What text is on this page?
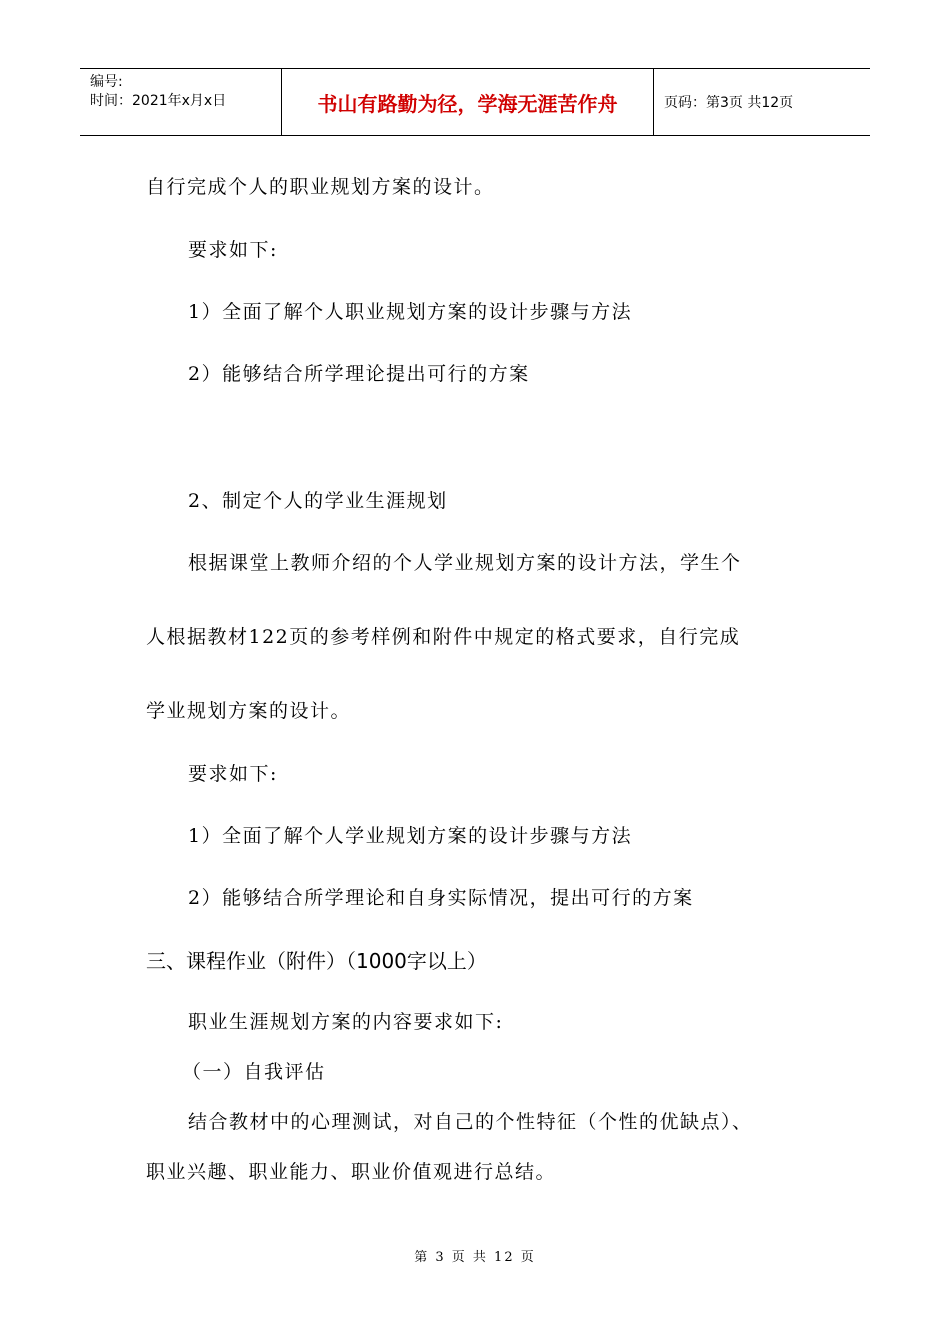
编号:
时间：2021年x月x日	书山有路勤为径，学海无涯苦作舟	页码：第3页 共12页
自行完成个人的职业规划方案的设计。
要求如下:
1）全面了解个人职业规划方案的设计步骤与方法
2）能够结合所学理论提出可行的方案
2、制定个人的学业生涯规划
根据课堂上教师介绍的个人学业规划方案的设计方法，学生个
人根据教材122页的参考样例和附件中规定的格式要求，自行完成
学业规划方案的设计。
要求如下:
1）全面了解个人学业规划方案的设计步骤与方法
2）能够结合所学理论和自身实际情况，提出可行的方案
三、课程作业（附件）（1000字以上）
职业生涯规划方案的内容要求如下:
（一）自我评估
结合教材中的心理测试，对自己的个性特征（个性的优缺点）、
职业兴趣、职业能力、职业价值观进行总结。
第 3 页 共 12 页
